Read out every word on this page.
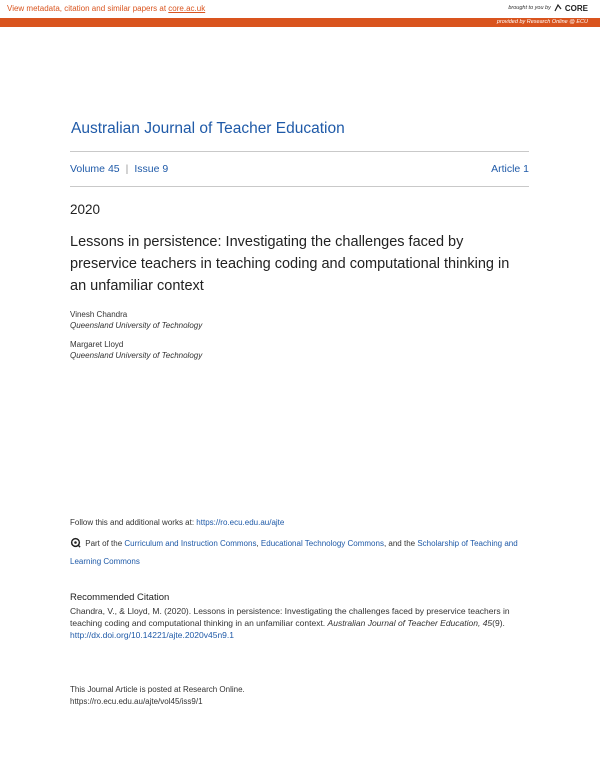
View metadata, citation and similar papers at core.ac.uk	brought to you by CORE
provided by Research Online @ ECU
Australian Journal of Teacher Education
Volume 45 | Issue 9	Article 1
2020
Lessons in persistence: Investigating the challenges faced by preservice teachers in teaching coding and computational thinking in an unfamiliar context
Vinesh Chandra
Queensland University of Technology
Margaret Lloyd
Queensland University of Technology
Follow this and additional works at: https://ro.ecu.edu.au/ajte
Part of the Curriculum and Instruction Commons, Educational Technology Commons, and the Scholarship of Teaching and Learning Commons
Recommended Citation
Chandra, V., & Lloyd, M. (2020). Lessons in persistence: Investigating the challenges faced by preservice teachers in teaching coding and computational thinking in an unfamiliar context. Australian Journal of Teacher Education, 45(9).
http://dx.doi.org/10.14221/ajte.2020v45n9.1
This Journal Article is posted at Research Online.
https://ro.ecu.edu.au/ajte/vol45/iss9/1
